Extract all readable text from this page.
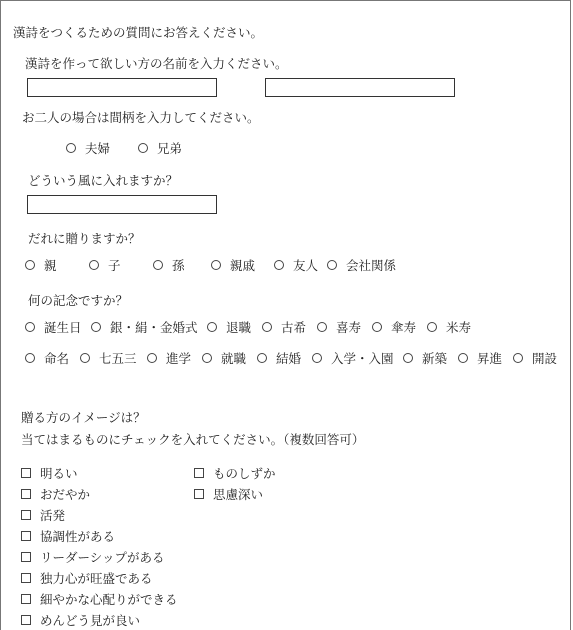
漢詩をつくるための質問にお答えください。
漢詩を作って欲しい方の名前を入力ください。
お二人の場合は間柄を入力してください。
夫婦	兄弟
どういう風に入れますか？
だれに贈りますか？
親	子	孫	親戚	友人 会社関係
何の記念ですか？
誕生日 銀・絹・金婚式 退職 古希 喜寿 傘寿 米寿
命名 七五三 進学 就職 結婚 入学・入園 新築 昇進 開設
贈る方のイメージは？
当てはまるものにチェックを入れてください。（複数回答可）
明るい
おだやか
活発
協調性がある
リーダーシップがある
独力心が旺盛である
細やかな心配りができる
めんどう見が良い
ものしずか
思慮深い
